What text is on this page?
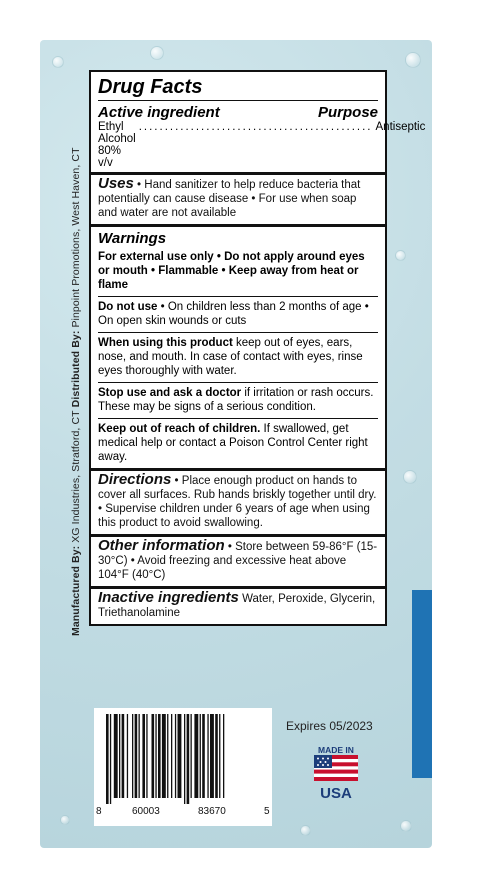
Manufactured By: XG Industries, Stratford, CT Distributed By: Pinpoint Promotions, West Haven, CT
Drug Facts
Active ingredient	Purpose
Ethyl Alcohol 80% v/v
............................................. Antiseptic
Uses • Hand sanitizer to help reduce bacteria that potentially can cause disease • For use when soap and water are not available
Warnings
For external use only • Do not apply around eyes or mouth • Flammable • Keep away from heat or flame
Do not use • On children less than 2 months of age • On open skin wounds or cuts
When using this product keep out of eyes, ears, nose, and mouth. In case of contact with eyes, rinse eyes thoroughly with water.
Stop use and ask a doctor if irritation or rash occurs. These may be signs of a serious condition.
Keep out of reach of children. If swallowed, get medical help or contact a Poison Control Center right away.
Directions • Place enough product on hands to cover all surfaces. Rub hands briskly together until dry. • Supervise children under 6 years of age when using this product to avoid swallowing.
Other information • Store between 59-86°F (15-30°C) • Avoid freezing and excessive heat above 104°F (40°C)
Inactive ingredients Water, Peroxide, Glycerin, Triethanolamine
8	60003	83670	5
Expires 05/2023
MADE IN
USA
